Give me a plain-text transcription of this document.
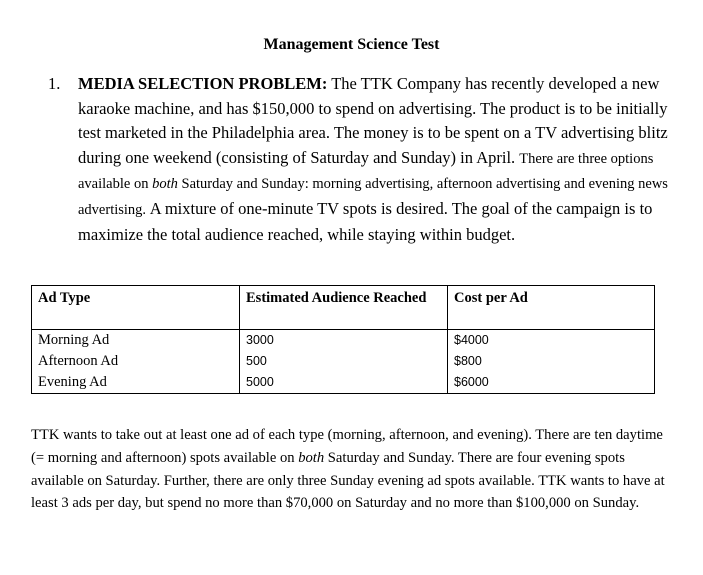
Management Science Test
1. MEDIA SELECTION PROBLEM: The TTK Company has recently developed a new karaoke machine, and has $150,000 to spend on advertising. The product is to be initially test marketed in the Philadelphia area. The money is to be spent on a TV advertising blitz during one weekend (consisting of Saturday and Sunday) in April. There are three options available on both Saturday and Sunday: morning advertising, afternoon advertising and evening news advertising. A mixture of one-minute TV spots is desired. The goal of the campaign is to maximize the total audience reached, while staying within budget.
Ad Type	Estimated Audience Reached	Cost per Ad
Morning Ad	3000	$4000
Afternoon Ad	500	$800
Evening Ad	5000	$6000
TTK wants to take out at least one ad of each type (morning, afternoon, and evening). There are ten daytime (= morning and afternoon) spots available on both Saturday and Sunday. There are four evening spots available on Saturday. Further, there are only three Sunday evening ad spots available. TTK wants to have at least 3 ads per day, but spend no more than $70,000 on Saturday and no more than $100,000 on Sunday.
